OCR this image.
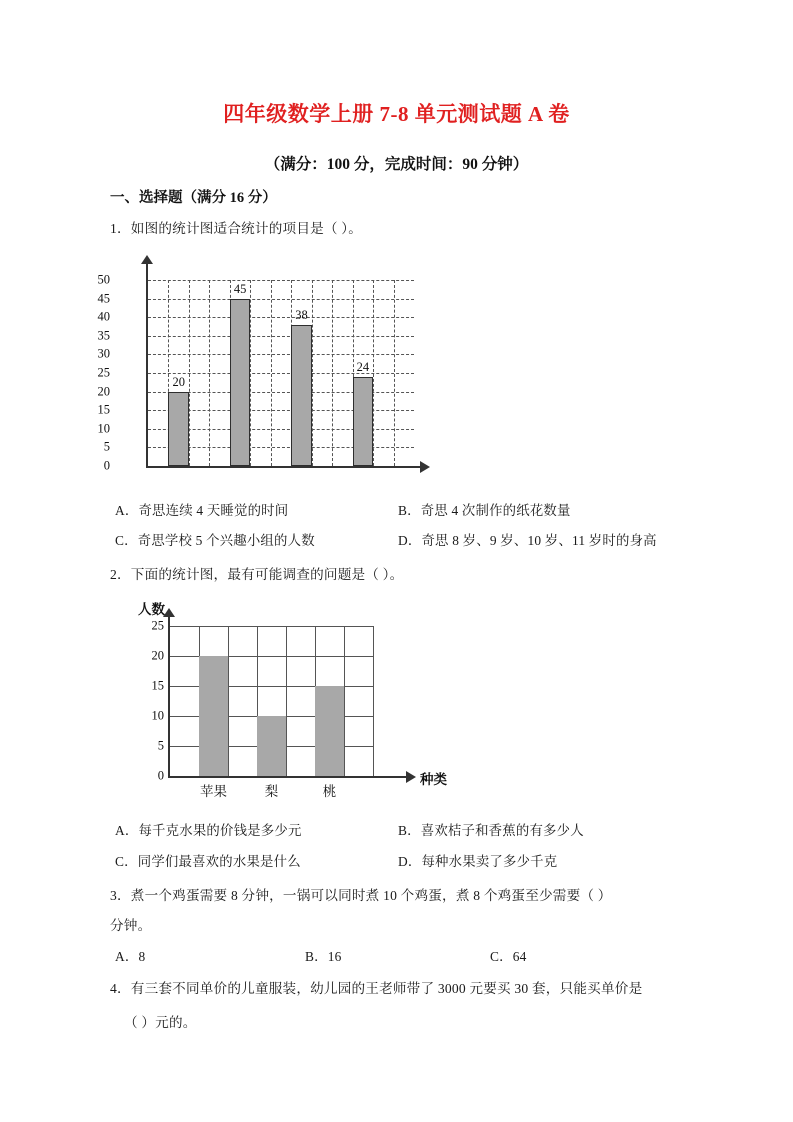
四年级数学上册 7-8 单元测试题 A 卷
（满分：100 分，完成时间：90 分钟）
一、选择题（满分 16 分）
1．如图的统计图适合统计的项目是（ ）。
0
5
10
15
20
25
30
35
40
45
50
20
45
38
24
A．奇思连续 4 天睡觉的时间	B．奇思 4 次制作的纸花数量
C．奇思学校 5 个兴趣小组的人数	D．奇思 8 岁、9 岁、10 岁、11 岁时的身高
2．下面的统计图，最有可能调查的问题是（ ）。
人数
种类
0
5
10
15
20
25
苹果	梨	桃
A．每千克水果的价钱是多少元	B．喜欢桔子和香蕉的有多少人
C．同学们最喜欢的水果是什么	D．每种水果卖了多少千克
3．煮一个鸡蛋需要 8 分钟，一锅可以同时煮 10 个鸡蛋，煮 8 个鸡蛋至少需要（ ）
分钟。
A．8	B．16	C．64
4．有三套不同单价的儿童服装，幼儿园的王老师带了 3000 元要买 30 套，只能买单价是
（ ）元的。
